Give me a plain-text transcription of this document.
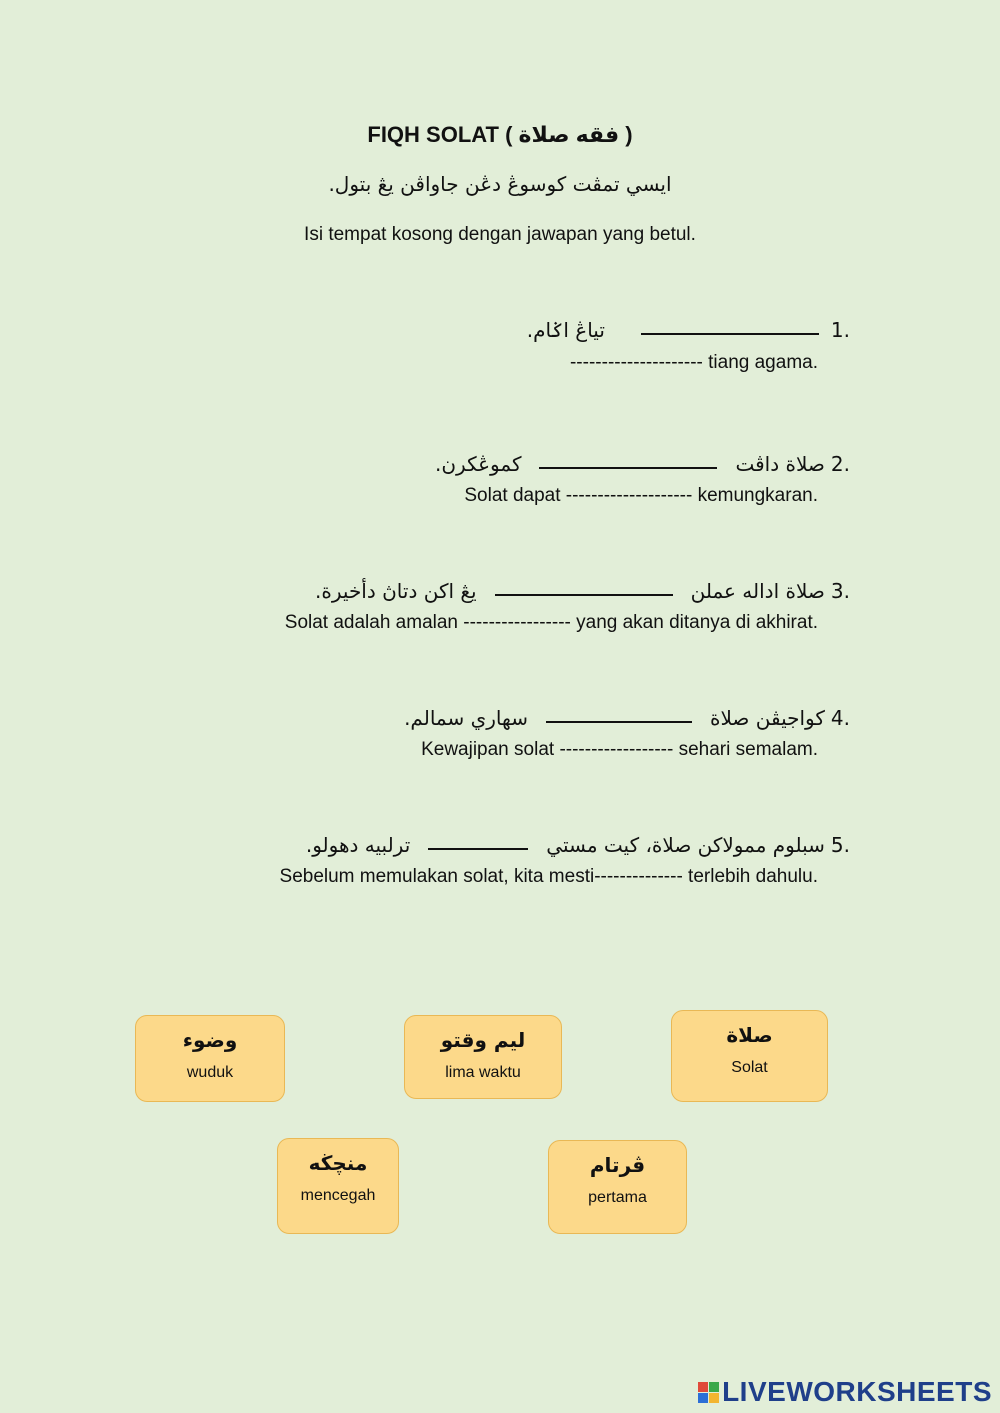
FIQH SOLAT ( فقه صلاة )
ايسي تمڤت كوسوڠ دڠن جاواڤن يڠ بتول.
Isi tempat kosong dengan jawapan yang betul.
1.
تياڠ اݢام.
--------------------- tiang agama.
2.
صلاة داڤت
كموڠكرن.
Solat dapat -------------------- kemungkaran.
3.
صلاة اداله عملن
يڠ اكن دتاڽ دأخيرة.
Solat adalah amalan ----------------- yang akan ditanya di akhirat.
4.
كواجيڤن صلاة
سهاري سمالم.
Kewajipan solat ------------------ sehari semalam.
5.
سبلوم ممولاكن صلاة، كيت مستي
ترلبيه دهولو.
Sebelum memulakan solat, kita mesti-------------- terlebih dahulu.
وضوء
wuduk
ليم وقتو
lima waktu
صلاة
Solat
منچڬه
mencegah
ڤرتام
pertama
LIVEWORKSHEETS
